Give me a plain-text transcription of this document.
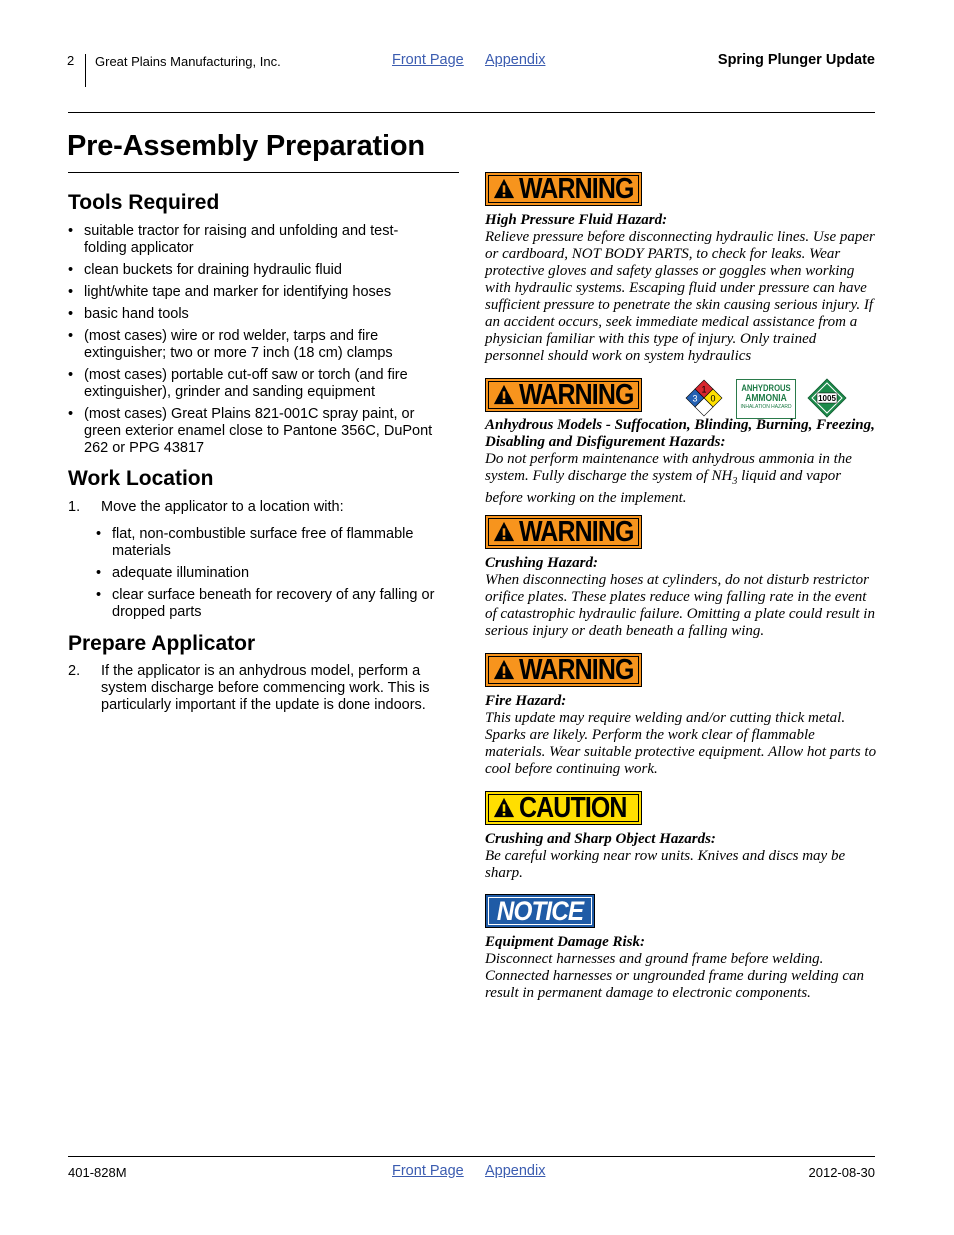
2 Great Plains Manufacturing, Inc.	Front Page Appendix	Spring Plunger Update
Pre-Assembly Preparation
Tools Required
• suitable tractor for raising and unfolding and test-folding applicator
• clean buckets for draining hydraulic fluid
• light/white tape and marker for identifying hoses
• basic hand tools
• (most cases) wire or rod welder, tarps and fire extinguisher; two or more 7 inch (18 cm) clamps
• (most cases) portable cut-off saw or torch (and fire extinguisher), grinder and sanding equipment
• (most cases) Great Plains 821-001C spray paint, or green exterior enamel close to Pantone 356C, DuPont 262 or PPG 43817
Work Location
1. Move the applicator to a location with:
• flat, non-combustible surface free of flammable materials
• adequate illumination
• clear surface beneath for recovery of any falling or dropped parts
Prepare Applicator
2. If the applicator is an anhydrous model, perform a system discharge before commencing work. This is particularly important if the update is done indoors.
WARNING
High Pressure Fluid Hazard:
Relieve pressure before disconnecting hydraulic lines. Use paper or cardboard, NOT BODY PARTS, to check for leaks. Wear protective gloves and safety glasses or goggles when working with hydraulic systems. Escaping fluid under pressure can have sufficient pressure to penetrate the skin causing serious injury. If an accident occurs, seek immediate medical assistance from a physician familiar with this type of injury. Only trained personnel should work on system hydraulics
WARNING	1
3 0
ANHYDROUS
AMMONIA
INHALATION HAZARD
1005
Anhydrous Models - Suffocation, Blinding, Burning, Freezing, Disabling and Disfigurement Hazards:
Do not perform maintenance with anhydrous ammonia in the system. Fully discharge the system of $NH_3$ liquid and vapor before working on the implement.
WARNING
Crushing Hazard:
When disconnecting hoses at cylinders, do not disturb restrictor orifice plates. These plates reduce wing falling rate in the event of catastrophic hydraulic failure. Omitting a plate could result in serious injury or death beneath a falling wing.
WARNING
Fire Hazard:
This update may require welding and/or cutting thick metal. Sparks are likely. Perform the work clear of flammable materials. Wear suitable protective equipment. Allow hot parts to cool before continuing work.
CAUTION
Crushing and Sharp Object Hazards:
Be careful working near row units. Knives and discs may be sharp.
NOTICE
Equipment Damage Risk:
Disconnect harnesses and ground frame before welding. Connected harnesses or ungrounded frame during welding can result in permanent damage to electronic components.
401-828M	Front Page Appendix	2012-08-30
